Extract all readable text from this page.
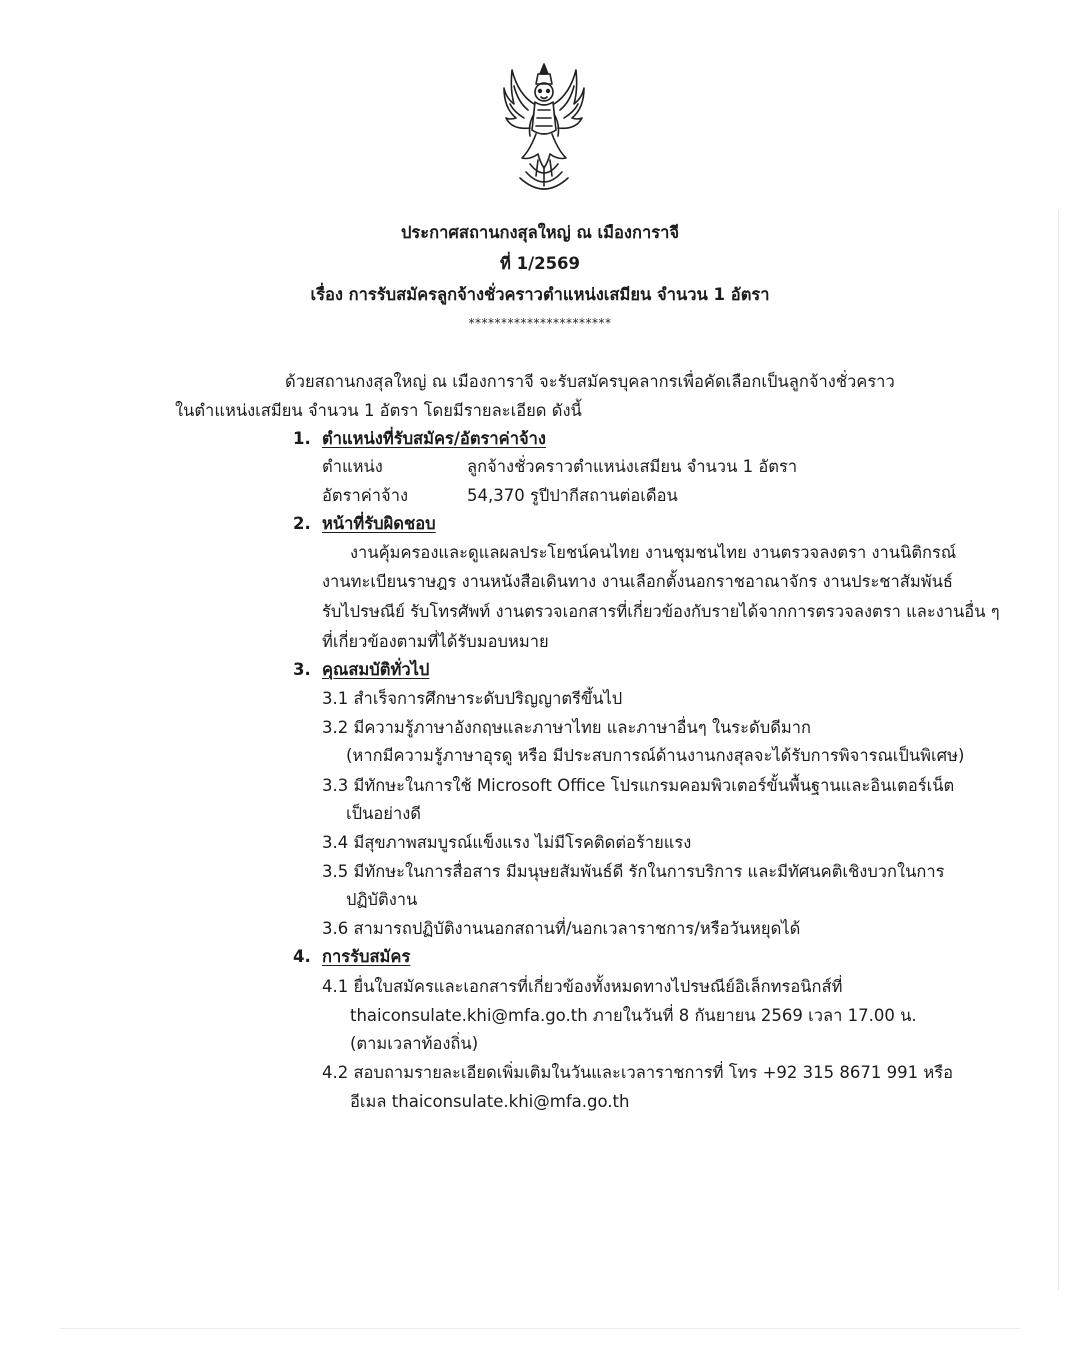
ประกาศสถานกงสุลใหญ่ ณ เมืองการาจี
ที่ 1/2569
เรื่อง การรับสมัครลูกจ้างชั่วคราวตำแหน่งเสมียน จำนวน 1 อัตรา
**********************
ด้วยสถานกงสุลใหญ่ ณ เมืองการาจี จะรับสมัครบุคลากรเพื่อคัดเลือกเป็นลูกจ้างชั่วคราว
ในตำแหน่งเสมียน จำนวน 1 อัตรา โดยมีรายละเอียด ดังนี้
1. ตำแหน่งที่รับสมัคร/อัตราค่าจ้าง
ตำแหน่ง	ลูกจ้างชั่วคราวตำแหน่งเสมียน จำนวน 1 อัตรา
อัตราค่าจ้าง	54,370 รูปีปากีสถานต่อเดือน
2. หน้าที่รับผิดชอบ
งานคุ้มครองและดูแลผลประโยชน์คนไทย งานชุมชนไทย งานตรวจลงตรา งานนิติกรณ์
งานทะเบียนราษฎร งานหนังสือเดินทาง งานเลือกตั้งนอกราชอาณาจักร งานประชาสัมพันธ์
รับไปรษณีย์ รับโทรศัพท์ งานตรวจเอกสารที่เกี่ยวข้องกับรายได้จากการตรวจลงตรา และงานอื่น ๆ
ที่เกี่ยวข้องตามที่ได้รับมอบหมาย
3. คุณสมบัติทั่วไป
3.1 สำเร็จการศึกษาระดับปริญญาตรีขึ้นไป
3.2 มีความรู้ภาษาอังกฤษและภาษาไทย และภาษาอื่นๆ ในระดับดีมาก
(หากมีความรู้ภาษาอุรดู หรือ มีประสบการณ์ด้านงานกงสุลจะได้รับการพิจารณเป็นพิเศษ)
3.3 มีทักษะในการใช้ Microsoft Office โปรแกรมคอมพิวเตอร์ขั้นพื้นฐานและอินเตอร์เน็ต
เป็นอย่างดี
3.4 มีสุขภาพสมบูรณ์แข็งแรง ไม่มีโรคติดต่อร้ายแรง
3.5 มีทักษะในการสื่อสาร มีมนุษยสัมพันธ์ดี รักในการบริการ และมีทัศนคติเชิงบวกในการ
ปฏิบัติงาน
3.6 สามารถปฏิบัติงานนอกสถานที่/นอกเวลาราชการ/หรือวันหยุดได้
4. การรับสมัคร
4.1 ยื่นใบสมัครและเอกสารที่เกี่ยวข้องทั้งหมดทางไปรษณีย์อิเล็กทรอนิกส์ที่
thaiconsulate.khi@mfa.go.th ภายในวันที่ 8 กันยายน 2569 เวลา 17.00 น.
(ตามเวลาท้องถิ่น)
4.2 สอบถามรายละเอียดเพิ่มเติมในวันและเวลาราชการที่ โทร +92 315 8671 991 หรือ
อีเมล thaiconsulate.khi@mfa.go.th
